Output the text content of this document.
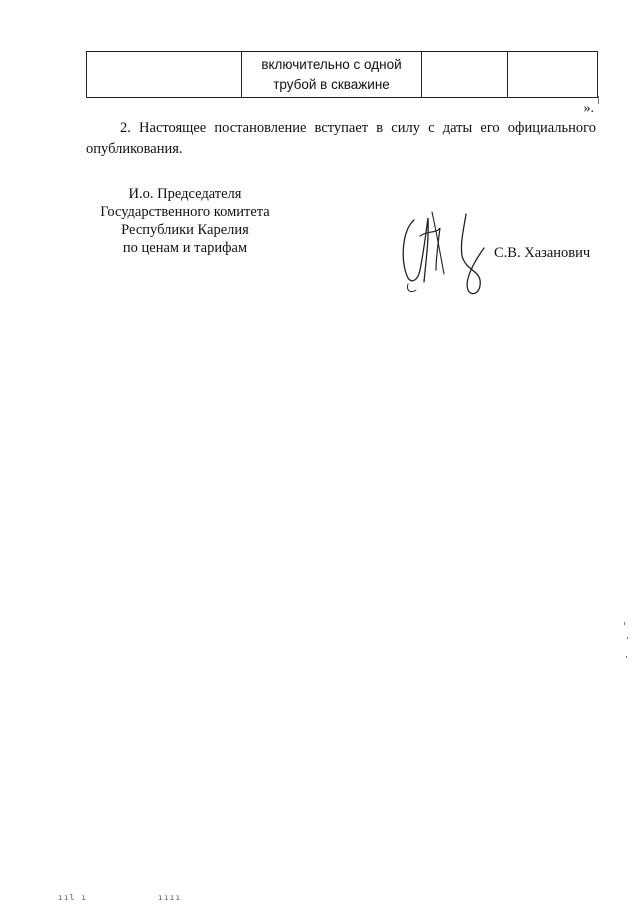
включительно с одной
трубой в скважине

».

2. Настоящее постановление вступает в силу с даты его официального опубликования.

И.о. Председателя
Государственного комитета
Республики Карелия
по ценам и тарифам	С.В. Хазанович
ııl ı	ıııı
